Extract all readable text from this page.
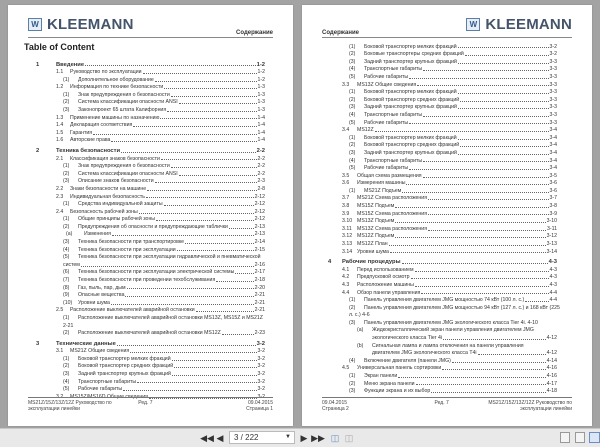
W KLEEMANN	Содержание
Table of Content
1	Введение	1-2
1.1 Руководство по эксплуатации	1-2
(1) Дополнительное оборудование	1-2
1.2 Информация по технике безопасности	1-3
(1) Знак предупреждения о безопасности	1-3
(2) Система классификации опасности ANSI	1-3
(3) Законопроект 65 штата Калифорния	1-3
1.3 Применение машины по назначению	1-4
1.4 Декларация соответствия	1-4
1.5 Гарантия	1-4
1.6 Авторские права	1-4
2	Техника безопасности	2-2
2.1 Классификация знаков безопасности	2-2
(1) Знак предупреждения о безопасности	2-2
(2) Система классификации опасности ANSI	2-2
(3) Описание знаков безопасности	2-3
2.2 Знаки безопасности на машине	2-8
2.3 Индивидуальная безопасность	2-12
(1) Средства индивидуальной защиты	2-12
2.4 Безопасность рабочей зоны	2-12
(1) Общие принципы рабочей зоны	2-12
(2) Предупреждения об опасности и предупреждающие таблички	2-13
(a) Изменения	2-13
(3) Техника безопасности при транспортировке	2-14
(4) Техника безопасности при эксплуатации	2-15
(5) Техника безопасности при эксплуатации гидравлической и пневматической
систем	2-16
(6) Техника безопасности при эксплуатации электрической системы	2-17
(7) Техника безопасности при проведении техобслуживания	2-18
(8) Газ, пыль, пар, дым	2-20
(9) Опасные вещества	2-21
(10) Уровни шума	2-21
2.5 Расположение выключателей аварийной остановки	2-21
(1) Расположение выключателей аварийной остановки MS13Z, MS15Z и MS21Z
2-21
(2) Расположение выключателей аварийной остановки MS12Z	2-23
3	Технические данные	3-2
3.1 MS21Z Общие сведения	3-2
(1) Боковой транспортер мелких фракций	3-2
(2) Боковой транспортер средних фракций	3-2
(3) Задний транспортер крупных фракций	3-2
(4) Транспортные габариты	3-2
(5) Рабочие габариты	3-2
3.2 MS15Z/MS16D Общие сведения	3-2
MS21Z/15Z/13Z/12Z Руководство по
эксплуатации линейки
Ред. 7	09.04.2015
Страница 1
Содержание
W KLEEMANN
(1) Боковой транспортер мелких фракций	3-2
(2) Боковые транспортеры средних фракций	3-2
(3) Задний транспортер крупных фракций	3-3
(4) Транспортные габариты	3-3
(5) Рабочие габариты	3-3
3.3 MS13Z Общие сведения	3-3
(1) Боковой транспортер мелких фракций	3-3
(2) Боковой транспортер средних фракций	3-3
(3) Задний транспортер крупных фракций	3-3
(4) Транспортные габариты	3-3
(5) Рабочие габариты	3-3
3.4 MS12Z	3-4
(1) Боковой транспортер мелких фракций	3-4
(2) Боковой транспортер средних фракций	3-4
(3) Задний транспортер крупных фракций	3-4
(4) Транспортные габариты	3-4
(5) Рабочие габариты	3-4
3.5 Общая схема размещения	3-5
3.6 Измерения машины	3-6
(1) MS21Z Подъем	3-6
3.7 MS21Z Схема расположения	3-7
3.8 MS15Z Подъем	3-8
3.9 MS15Z Схема расположения	3-9
3.10 MS13Z Подъем	3-10
3.11 MS13Z Схема расположения	3-11
3.12 MS12Z Подъем	3-12
3.13 MS12Z План	3-13
3.14 Уровни шума	3-14
4 Рабочие процедуры	4-3
4.1 Перед использованием	4-3
4.2 Предпусковой осмотр	4-3
4.3 Расположение машины	4-3
4.4 Обзор панели управления	4-4
(1) Панель управления двигателем JMG мощностью 74 кВт (100 л. с.)	4-4
(2) Панель управления двигателем JMG мощностью 94 кВт (127 л. с.) и 168 кВт (225
л. с.) 4-6
(3) Панель управления двигателем JMG экологического класса Tier 4i. 4-10
(a) Жидкокристаллический экран панели управления двигателем JMG
экологического класса Tier 4i	4-12
(b) Сигнальная лампа и лампа отключения на панели управления
двигателем JMG экологического класса T4i	4-12
(4) Включение двигателя (панели JMG)	4-14
4.5 Универсальная панель сортировки	4-16
(1) Экран панели	4-16
(2) Меню экрана панели	4-17
(3) Функции экрана и их выбор	4-18
09.04.2015
Страница 2
Ред. 7	MS21Z/15Z/13Z/12Z Руководство по
эксплуатации линейки
◀◀ ◀	3 / 222	▼ ▶ ▶▶ ◫ ◫
